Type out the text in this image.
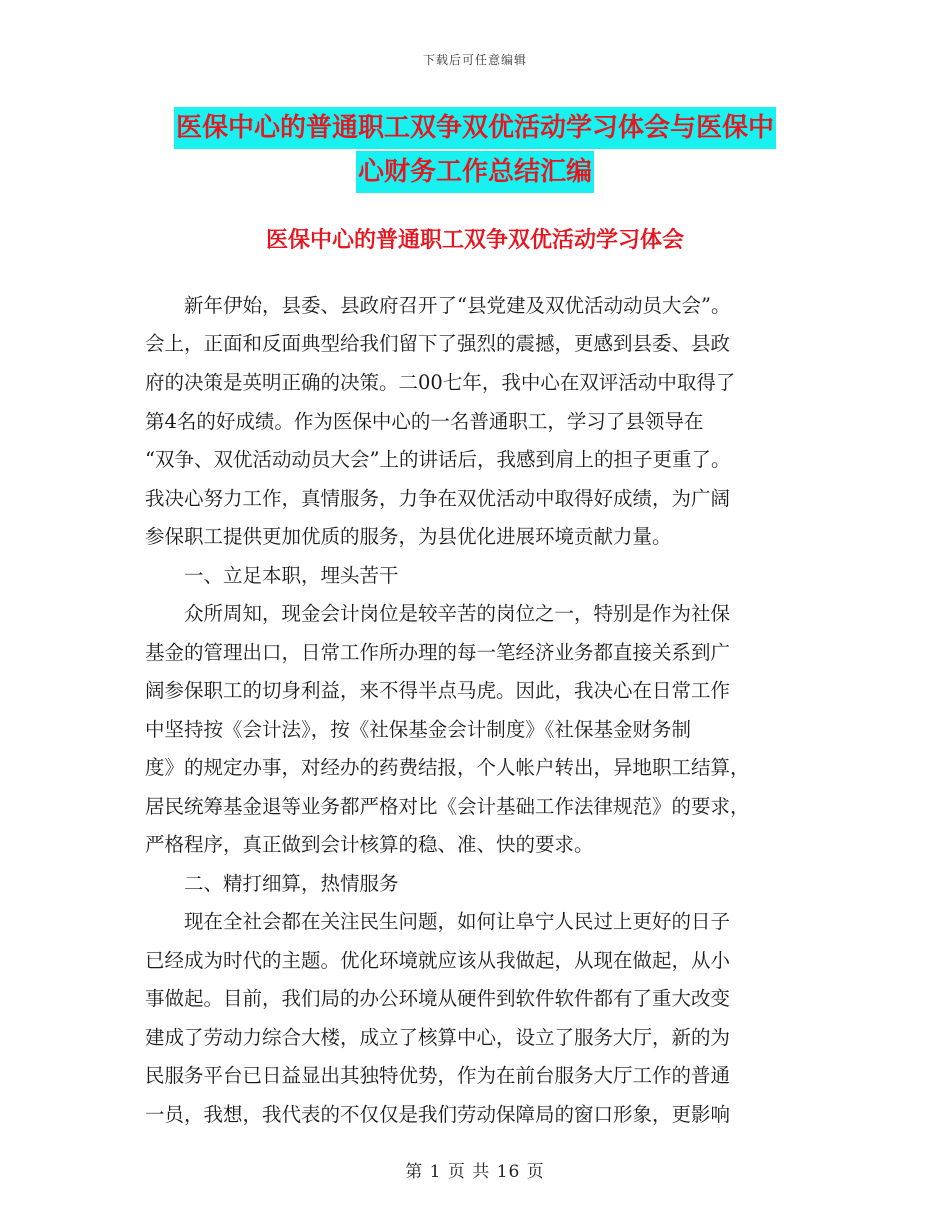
下载后可任意编辑
医保中心的普通职工双争双优活动学习体会与医保中
心财务工作总结汇编
医保中心的普通职工双争双优活动学习体会
　　新年伊始，县委、县政府召开了“县党建及双优活动动员大会”。
会上，正面和反面典型给我们留下了强烈的震撼，更感到县委、县政
府的决策是英明正确的决策。二00七年，我中心在双评活动中取得了
第4名的好成绩。作为医保中心的一名普通职工，学习了县领导在
“双争、双优活动动员大会”上的讲话后，我感到肩上的担子更重了。
我决心努力工作，真情服务，力争在双优活动中取得好成绩，为广阔
参保职工提供更加优质的服务，为县优化进展环境贡献力量。
　　一、立足本职，埋头苦干
　　众所周知，现金会计岗位是较辛苦的岗位之一，特别是作为社保
基金的管理出口，日常工作所办理的每一笔经济业务都直接关系到广
阔参保职工的切身利益，来不得半点马虎。因此，我决心在日常工作
中坚持按《会计法》，按《社保基金会计制度》《社保基金财务制
度》的规定办事，对经办的药费结报，个人帐户转出，异地职工结算，
居民统筹基金退等业务都严格对比《会计基础工作法律规范》的要求，
严格程序，真正做到会计核算的稳、准、快的要求。
　　二、精打细算，热情服务
　　现在全社会都在关注民生问题，如何让阜宁人民过上更好的日子
已经成为时代的主题。优化环境就应该从我做起，从现在做起，从小
事做起。目前，我们局的办公环境从硬件到软件软件都有了重大改变
建成了劳动力综合大楼，成立了核算中心，设立了服务大厅，新的为
民服务平台已日益显出其独特优势，作为在前台服务大厅工作的普通
一员，我想，我代表的不仅仅是我们劳动保障局的窗口形象，更影响
第 1 页 共 16 页
